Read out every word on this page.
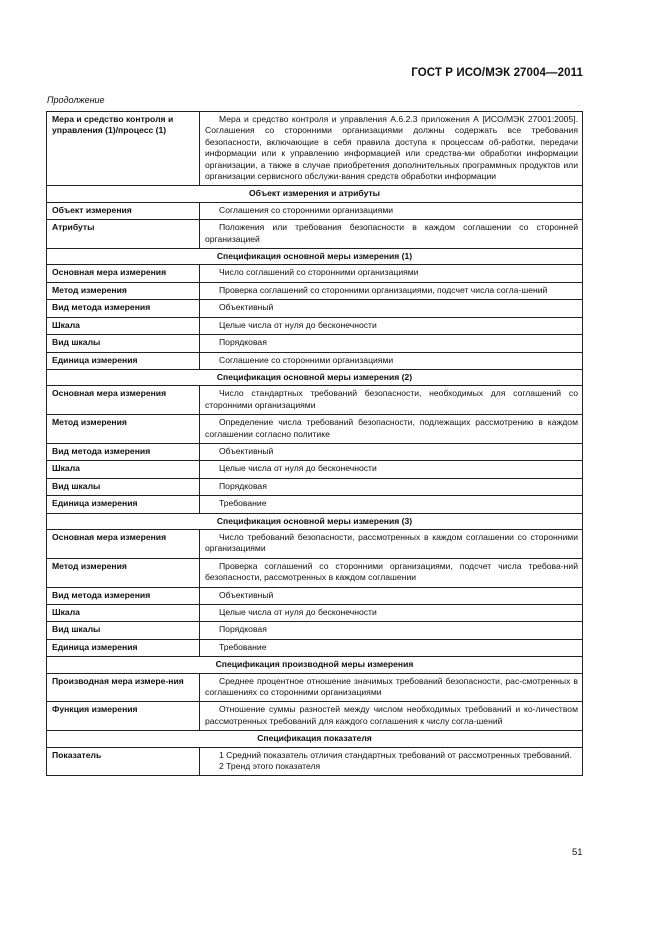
ГОСТ Р ИСО/МЭК 27004—2011
Продолжение
Мера и средство контроля и управления (1)/процесс (1)	Мера и средство контроля и управления А.6.2.3 приложения А [ИСО/МЭК 27001:2005]. Соглашения со сторонними организациями должны содержать все требования безопасности, включающие в себя правила доступа к процессам об-работки, передачи информации или к управлению информацией или средства-ми обработки информации организации, а также в случае приобретения дополнительных программных продуктов или организации сервисного обслужи-вания средств обработки информации
Объект измерения и атрибуты	
Объект измерения	Соглашения со сторонними организациями
Атрибуты	Положения или требования безопасности в каждом соглашении со сторонней организацией
Спецификация основной меры измерения (1)	
Основная мера измерения	Число соглашений со сторонними организациями
Метод измерения	Проверка соглашений со сторонними организациями, подсчет числа согла-шений
Вид метода измерения	Объективный
Шкала	Целые числа от нуля до бесконечности
Вид шкалы	Порядковая
Единица измерения	Соглашение со сторонними организациями
Спецификация основной меры измерения (2)	
Основная мера измерения	Число стандартных требований безопасности, необходимых для соглашений со сторонними организациями
Метод измерения	Определение числа требований безопасности, подлежащих рассмотрению в каждом соглашении согласно политике
Вид метода измерения	Объективный
Шкала	Целые числа от нуля до бесконечности
Вид шкалы	Порядковая
Единица измерения	Требование
Спецификация основной меры измерения (3)	
Основная мера измерения	Число требований безопасности, рассмотренных в каждом соглашении со сторонними организациями
Метод измерения	Проверка соглашений со сторонними организациями, подсчет числа требова-ний безопасности, рассмотренных в каждом соглашении
Вид метода измерения	Объективный
Шкала	Целые числа от нуля до бесконечности
Вид шкалы	Порядковая
Единица измерения	Требование
Спецификация производной меры измерения	
Производная мера измере-ния	Среднее процентное отношение значимых требований безопасности, рас-смотренных в соглашениях со сторонними организациями
Функция измерения	Отношение суммы разностей между числом необходимых требований и ко-личеством рассмотренных требований для каждого соглашения к числу согла-шений
Спецификация показателя	
Показатель	1 Средний показатель отличия стандартных требований от рассмотренных требований.
2 Тренд этого показателя
51
